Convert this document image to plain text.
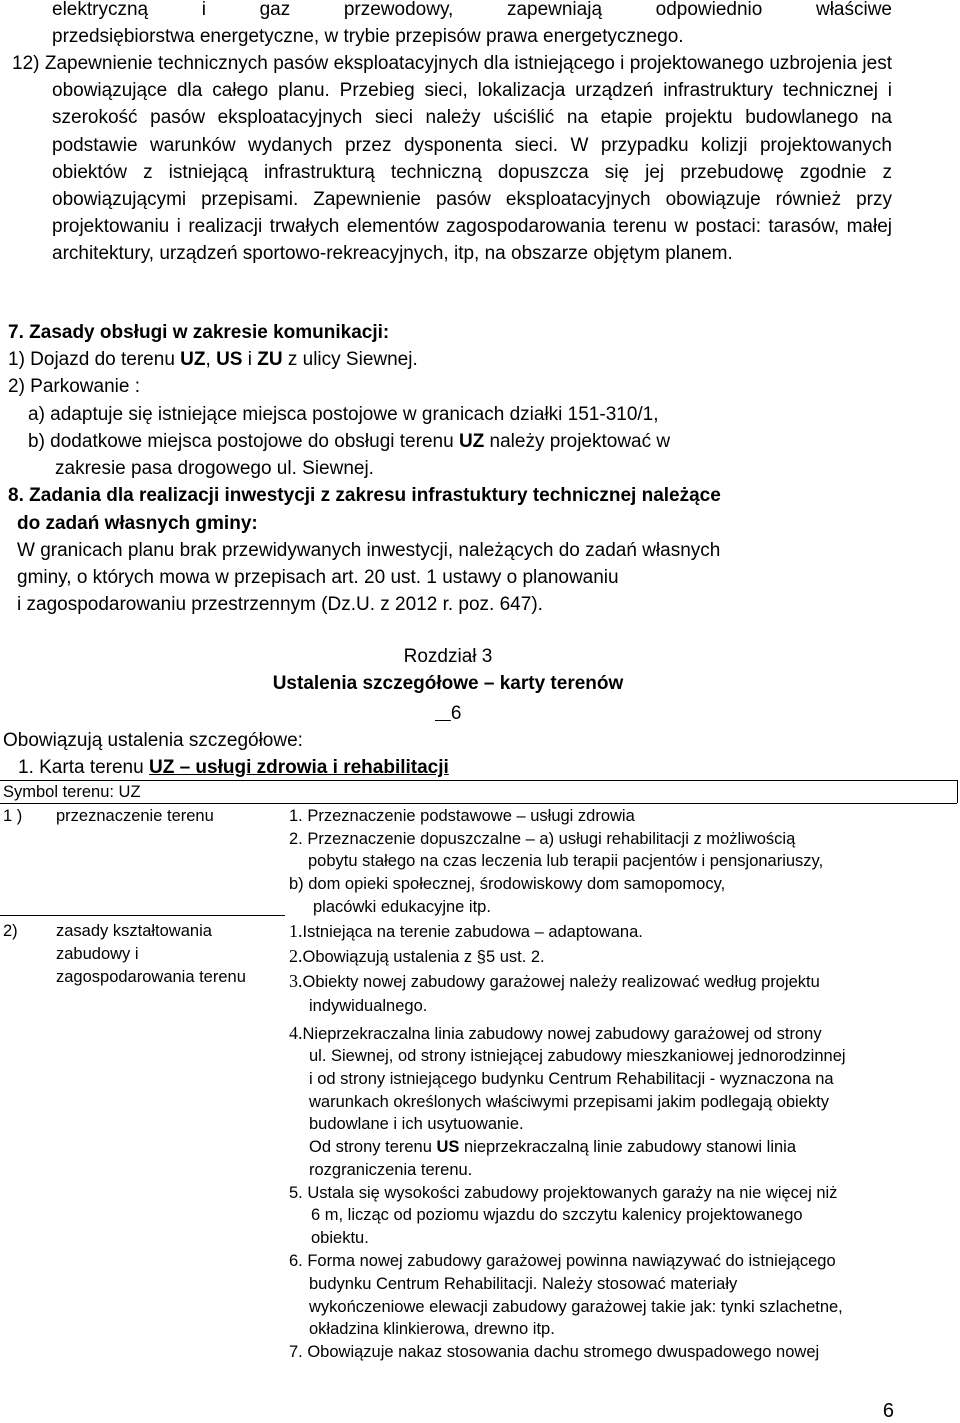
elektryczną i gaz przewodowy, zapewniają odpowiednio właściwe

przedsiębiorstwa energetyczne, w trybie przepisów prawa energetycznego.

12) Zapewnienie technicznych pasów eksploatacyjnych dla istniejącego i projektowanego uzbrojenia jest obowiązujące dla całego planu. Przebieg sieci, lokalizacja urządzeń infrastruktury technicznej i szerokość pasów eksploatacyjnych sieci należy uściślić na etapie projektu budowlanego na podstawie warunków wydanych przez dysponenta sieci. W przypadku kolizji projektowanych obiektów z istniejącą infrastrukturą techniczną dopuszcza się jej przebudowę zgodnie z obowiązującymi przepisami. Zapewnienie pasów eksploatacyjnych obowiązuje również przy projektowaniu i realizacji trwałych elementów zagospodarowania terenu w postaci: tarasów, małej architektury, urządzeń sportowo-rekreacyjnych, itp, na obszarze objętym planem.

7. Zasady obsługi w zakresie komunikacji:
1) Dojazd do terenu UZ, US i ZU z ulicy Siewnej.
2) Parkowanie :
a) adaptuje się istniejące miejsca postojowe w granicach działki 151-310/1,
b) dodatkowe miejsca postojowe do obsługi terenu UZ należy projektować w
zakresie pasa drogowego ul. Siewnej.
8. Zadania dla realizacji inwestycji z zakresu infrastuktury technicznej należące
do zadań własnych gminy:
W granicach planu brak przewidywanych inwestycji, należących do zadań własnych
gminy, o których mowa w przepisach art. 20 ust. 1 ustawy o planowaniu
i zagospodarowaniu przestrzennym (Dz.U. z 2012 r. poz. 647).
Rozdział 3
Ustalenia szczegółowe – karty terenów
6
Obowiązują ustalenia szczegółowe:
1. Karta terenu UZ – usługi zdrowia i rehabilitacji
Symbol terenu: UZ
1 ) przeznaczenie terenu	1. Przeznaczenie podstawowe – usługi zdrowia
2. Przeznaczenie dopuszczalne – a) usługi rehabilitacji z możliwością
pobytu stałego na czas leczenia lub terapii pacjentów i pensjonariuszy,
b) dom opieki społecznej, środowiskowy dom samopomocy,
placówki edukacyjne itp.
2) zasady kształtowania
zabudowy i
zagospodarowania terenu
1.Istniejąca na terenie zabudowa – adaptowana.
2.Obowiązują ustalenia z §5 ust. 2.
3.Obiekty nowej zabudowy garażowej należy realizować według projektu
indywidualnego.
4.Nieprzekraczalna linia zabudowy nowej zabudowy garażowej od strony
ul. Siewnej, od strony istniejącej zabudowy mieszkaniowej jednorodzinnej
i od strony istniejącego budynku Centrum Rehabilitacji - wyznaczona na
warunkach określonych właściwymi przepisami jakim podlegają obiekty
budowlane i ich usytuowanie.
Od strony terenu US nieprzekraczalną linie zabudowy stanowi linia
rozgraniczenia terenu.
5. Ustala się wysokości zabudowy projektowanych garaży na nie więcej niż
6 m, licząc od poziomu wjazdu do szczytu kalenicy projektowanego
obiektu.
6. Forma nowej zabudowy garażowej powinna nawiązywać do istniejącego
budynku Centrum Rehabilitacji. Należy stosować materiały
wykończeniowe elewacji zabudowy garażowej takie jak: tynki szlachetne,
okładzina klinkierowa, drewno itp.
7. Obowiązuje nakaz stosowania dachu stromego dwuspadowego nowej
6
